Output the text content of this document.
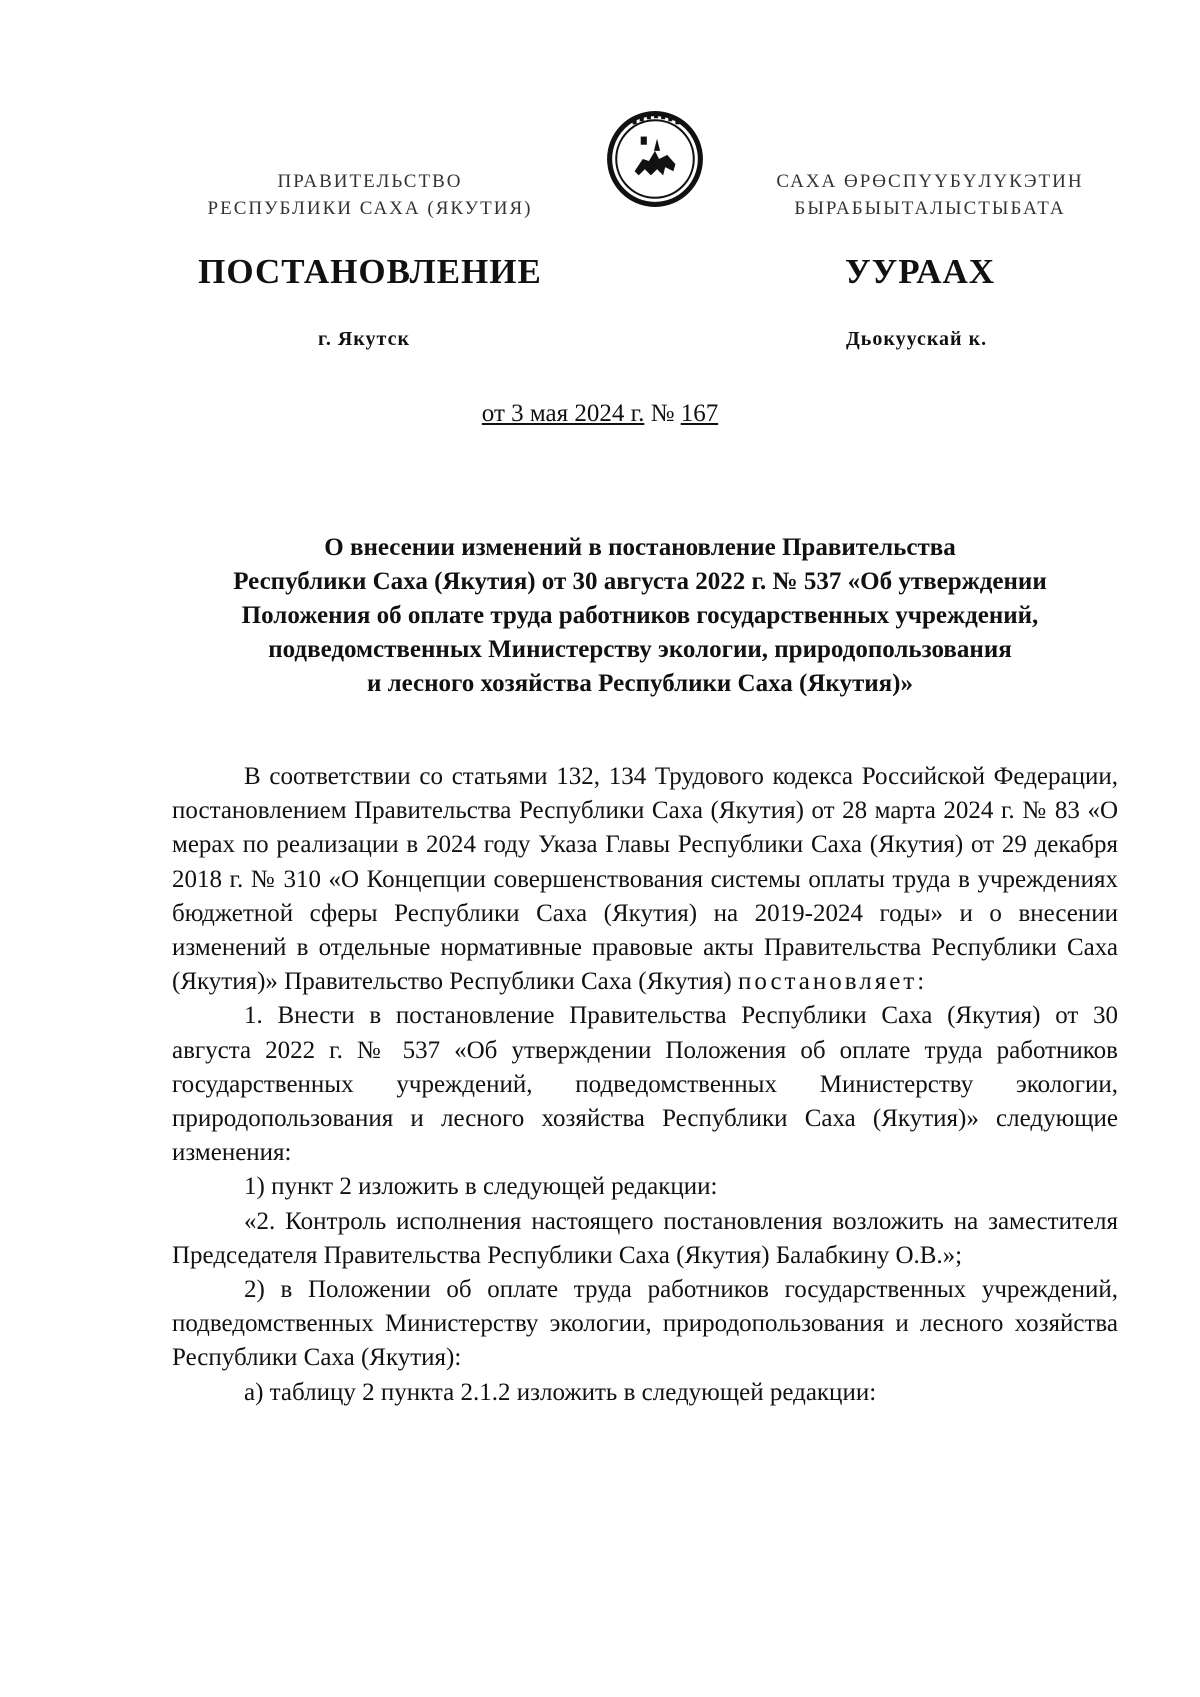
ПРАВИТЕЛЬСТВО
РЕСПУБЛИКИ САХА (ЯКУТИЯ)
САХА ӨРӨСПҮҮБҮЛҮКЭТИН
БЫРАБЫЫТАЛЫСТЫБАТА
ПОСТАНОВЛЕНИЕ	УУРААХ
г. Якутск	Дьокуускай к.
от 3 мая 2024 г. № 167
О внесении изменений в постановление Правительства
Республики Саха (Якутия) от 30 августа 2022 г. № 537 «Об утверждении
Положения об оплате труда работников государственных учреждений,
подведомственных Министерству экологии, природопользования
и лесного хозяйства Республики Саха (Якутия)»

В соответствии со статьями 132, 134 Трудового кодекса Российской Федерации, постановлением Правительства Республики Саха (Якутия) от 28 марта 2024 г. № 83 «О мерах по реализации в 2024 году Указа Главы Республики Саха (Якутия) от 29 декабря 2018 г. № 310 «О Концепции совершенствования системы оплаты труда в учреждениях бюджетной сферы Республики Саха (Якутия) на 2019-2024 годы» и о внесении изменений в отдельные нормативные правовые акты Правительства Республики Саха (Якутия)» Правительство Республики Саха (Якутия) постановляет:

1. Внести в постановление Правительства Республики Саха (Якутия) от 30 августа 2022 г. № 537 «Об утверждении Положения об оплате труда работников государственных учреждений, подведомственных Министерству экологии, природопользования и лесного хозяйства Республики Саха (Якутия)» следующие изменения:

1) пункт 2 изложить в следующей редакции:

«2. Контроль исполнения настоящего постановления возложить на заместителя Председателя Правительства Республики Саха (Якутия) Балабкину О.В.»;

2) в Положении об оплате труда работников государственных учреждений, подведомственных Министерству экологии, природопользования и лесного хозяйства Республики Саха (Якутия):

а) таблицу 2 пункта 2.1.2 изложить в следующей редакции:
